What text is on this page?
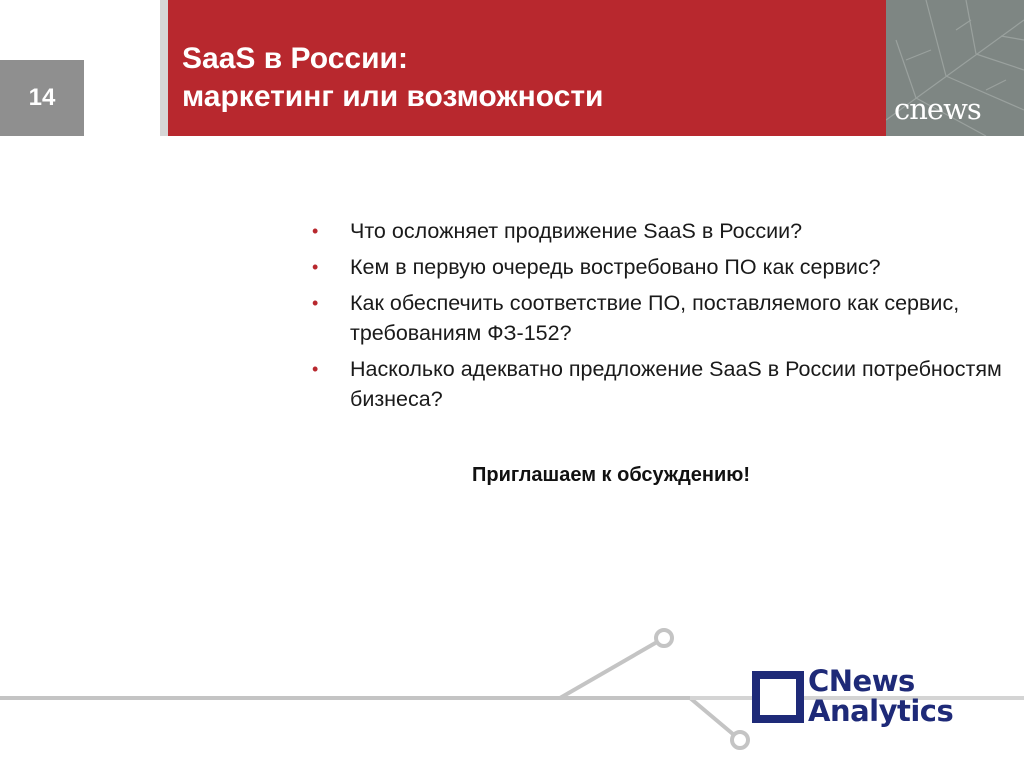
14
SaaS в России:
маркетинг или возможности	cnews
• Что осложняет продвижение SaaS в России?
• Кем в первую очередь востребовано ПО как сервис?
• Как обеспечить соответствие ПО, поставляемого как сервис, требованиям ФЗ-152?
• Насколько адекватно предложение SaaS в России потребностям бизнеса?
Приглашаем к обсуждению!
CNews
Analytics
